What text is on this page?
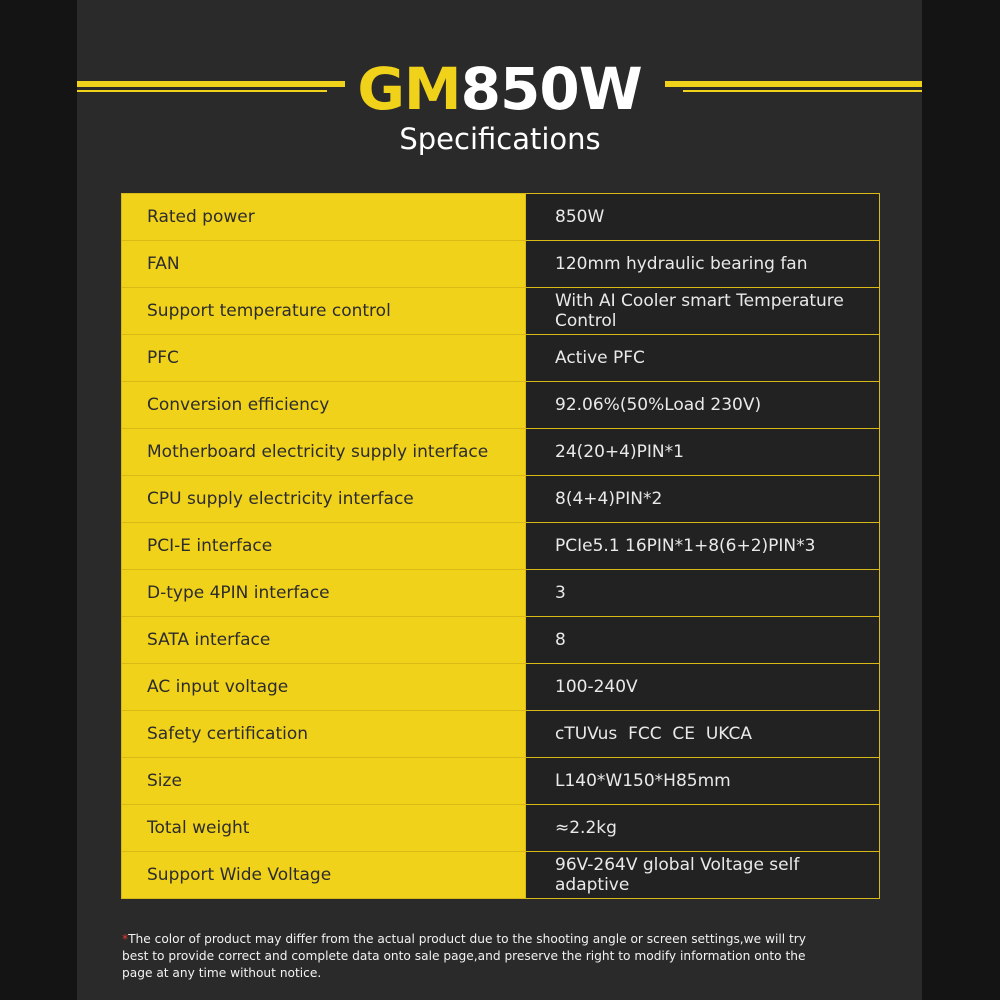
GM850W
Specifications
Rated power	850W
FAN	120mm hydraulic bearing fan
Support temperature control	With AI Cooler smart Temperature Control
PFC	Active PFC
Conversion efficiency	92.06%(50%Load 230V)
Motherboard electricity supply interface	24(20+4)PIN*1
CPU supply electricity interface	8(4+4)PIN*2
PCI-E interface	PCIe5.1 16PIN*1+8(6+2)PIN*3
D-type 4PIN interface	3
SATA interface	8
AC input voltage	100-240V
Safety certification	cTUVus  FCC  CE  UKCA
Size	L140*W150*H85mm
Total weight	≈2.2kg
Support Wide Voltage	96V-264V global Voltage self adaptive
*The color of product may differ from the actual product due to the shooting angle or screen settings,we will try best to provide correct and complete data onto sale page,and preserve the right to modify information onto the page at any time without notice.
